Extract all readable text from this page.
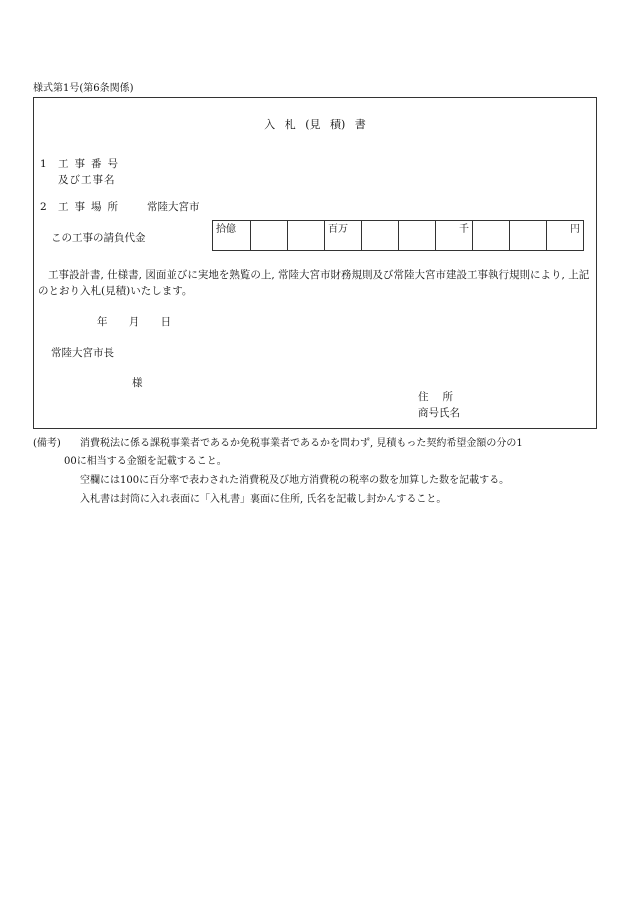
様式第1号(第6条関係)
入 札 (見 積) 書
1 工事番号
及び工事名
2 工事場所 常陸大宮市
この工事の請負代金
拾億			百万			千			円
工事設計書, 仕様書, 図面並びに実地を熟覧の上, 常陸大宮市財務規則及び常陸大宮市建設工事執行規則により, 上記のとおり入札(見積)いたします。
年 月 日
常陸大宮市長
様
住所
商号氏名
(備考) 消費税法に係る課税事業者であるか免税事業者であるかを問わず, 見積もった契約希望金額の分の1
00に相当する金額を記載すること。
空欄には100に百分率で表わされた消費税及び地方消費税の税率の数を加算した数を記載する。
入札書は封筒に入れ表面に「入札書」裏面に住所, 氏名を記載し封かんすること。
